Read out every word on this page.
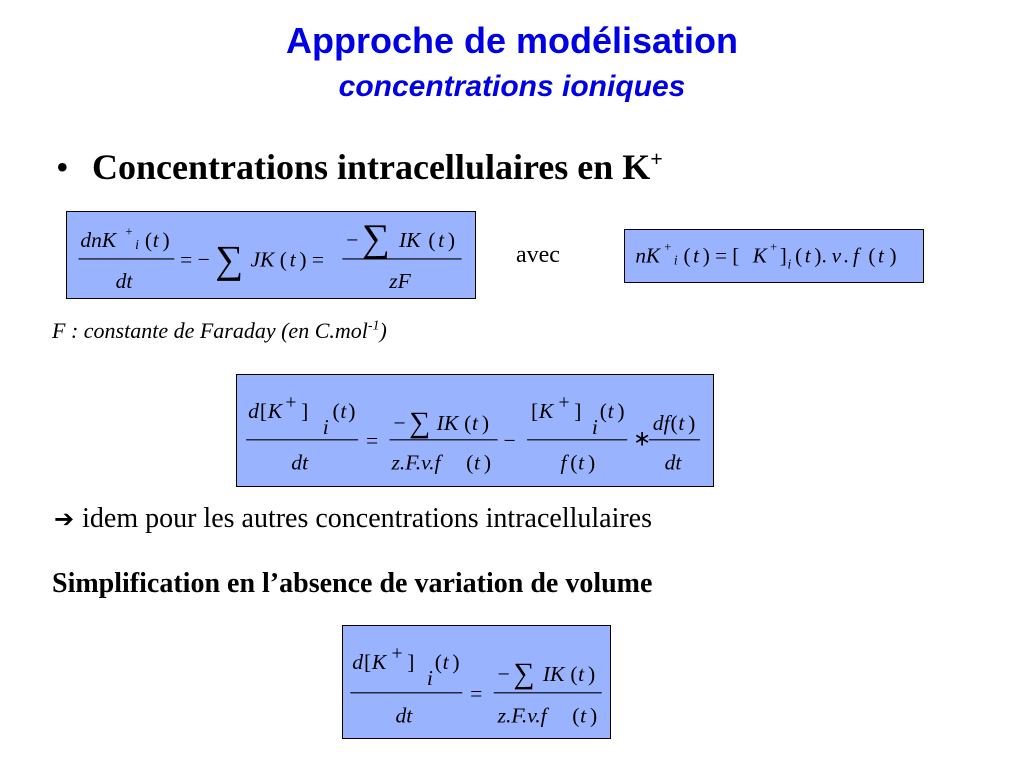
Approche de modélisation
concentrations ioniques
• Concentrations intracellulaires en K+
dnK +
i ( t )
dt
= − ∑ JK ( t ) =
− ∑ IK ( t )
zF
avec	nK +
i ( t ) = [ K + ] i ( t ). v . f ( t )
F : constante de Faraday (en C.mol$^{-1}$)
d [ K + ]
i
( t )
dt
=
− ∑ IK ( t )
z.F.v.f ( t )
−
[ K + ]
i
( t )
f ( t )
∗
df ( t )
dt
➔ idem pour les autres concentrations intracellulaires
Simplification en l’absence de variation de volume
d [ K + ]
i
( t )
dt
=
− ∑ IK ( t )
z.F.v.f ( t )
